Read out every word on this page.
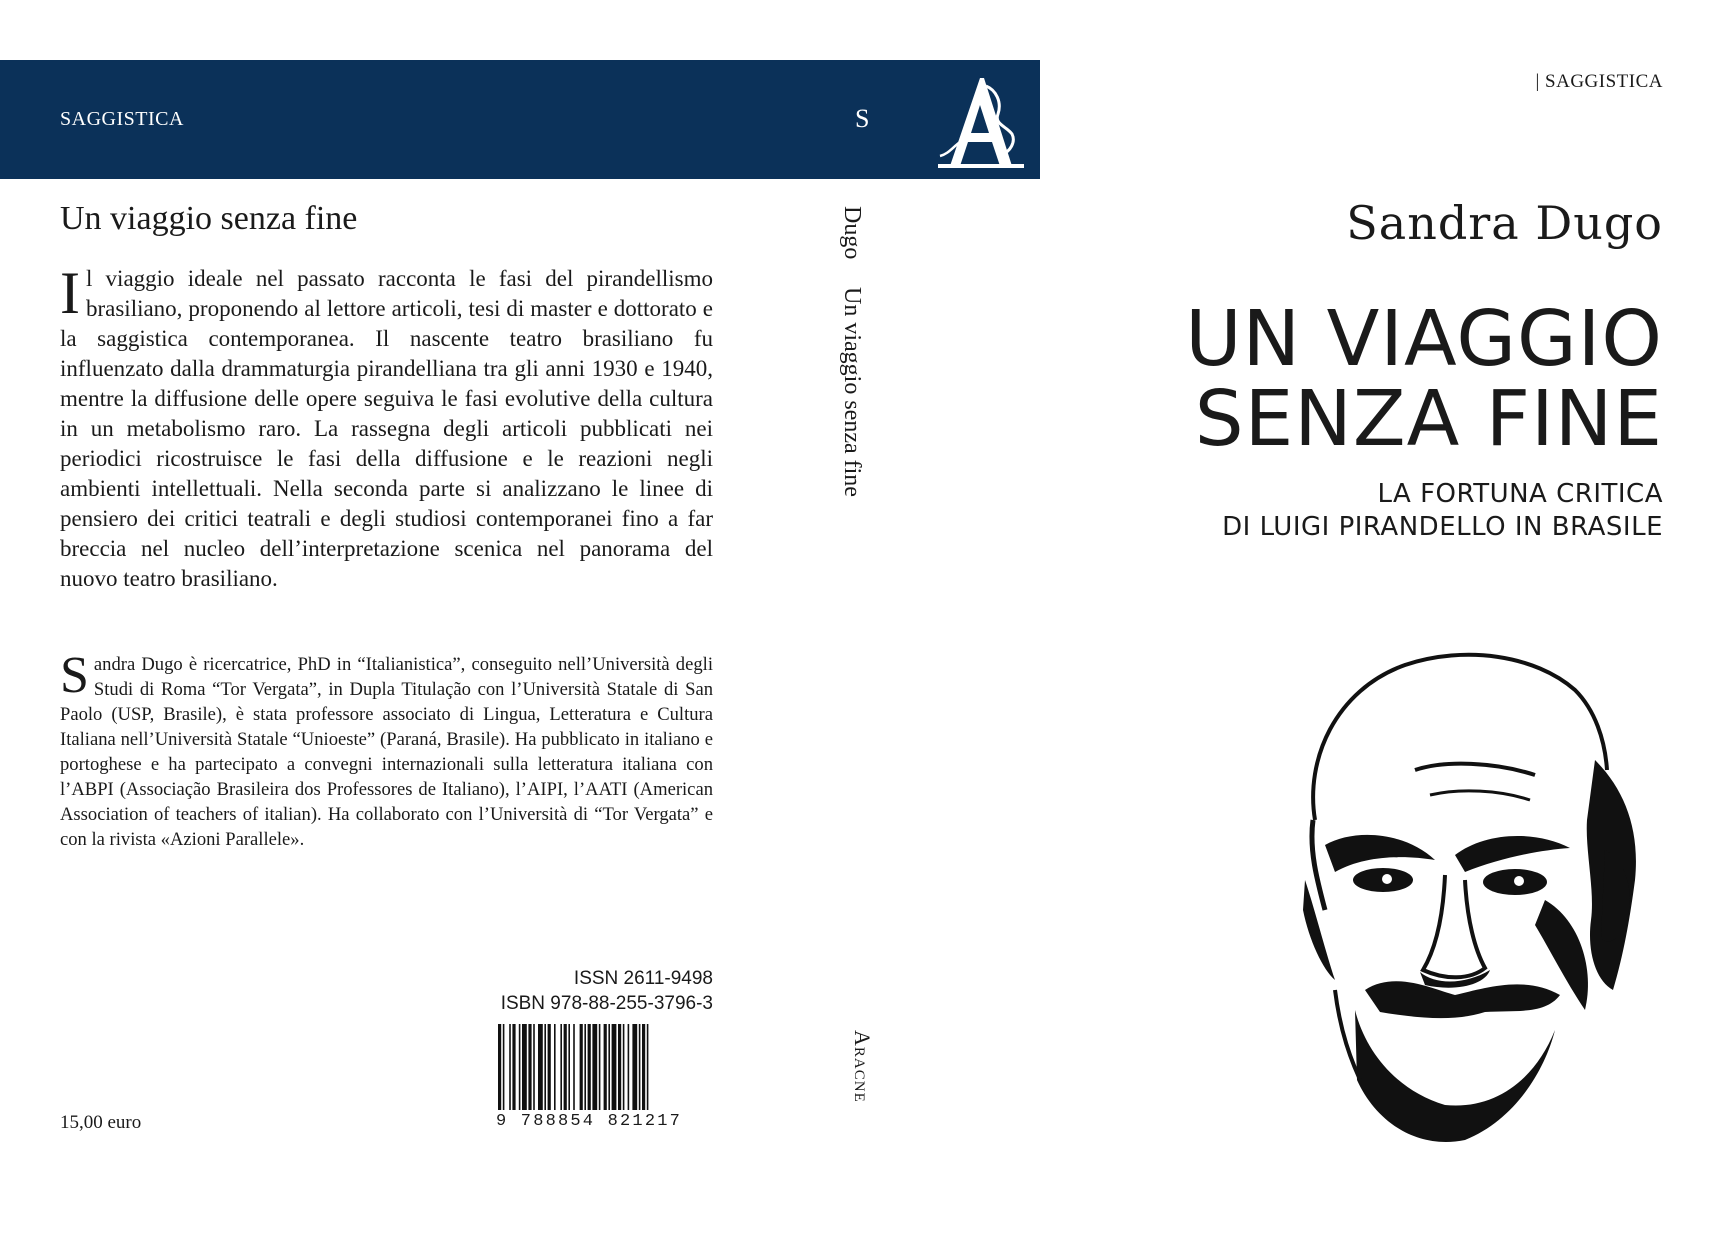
SAGGISTICA	S
Un viaggio senza fine

Il viaggio ideale nel passato racconta le fasi del pirandellismo brasiliano, proponendo al lettore articoli, tesi di master e dottorato e la saggistica contemporanea. Il nascente teatro brasiliano fu influenzato dalla drammaturgia pirandelliana tra gli anni 1930 e 1940, mentre la diffusione delle opere seguiva le fasi evolutive della cultura in un metabolismo raro. La rassegna degli articoli pubblicati nei periodici ricostruisce le fasi della diffusione e le reazioni negli ambienti intellettuali. Nella seconda parte si analizzano le linee di pensiero dei critici teatrali e degli studiosi contemporanei fino a far breccia nel nucleo dell’interpretazione scenica nel panorama del nuovo teatro brasiliano.

Sandra Dugo è ricercatrice, PhD in “Italianistica”, conseguito nell’Università degli Studi di Roma “Tor Vergata”, in Dupla Titulação con l’Università Statale di San Paolo (USP, Brasile), è stata professore associato di Lingua, Letteratura e Cultura Italiana nell’Università Statale “Unioeste” (Paraná, Brasile). Ha pubblicato in italiano e portoghese e ha partecipato a convegni internazionali sulla letteratura italiana con l’ABPI (Associação Brasileira dos Professores de Italiano), l’AIPI, l’AATI (American Association of teachers of italian). Ha collaborato con l’Università di “Tor Vergata” e con la rivista «Azioni Parallele».

ISSN 2611-9498
ISBN 978-88-255-3796-3
9 788854 821217
15,00 euro
Dugo Un viaggio senza fine
Aracne
| SAGGISTICA
Sandra Dugo
UN VIAGGIO
SENZA FINE
LA FORTUNA CRITICA
DI LUIGI PIRANDELLO IN BRASILE
